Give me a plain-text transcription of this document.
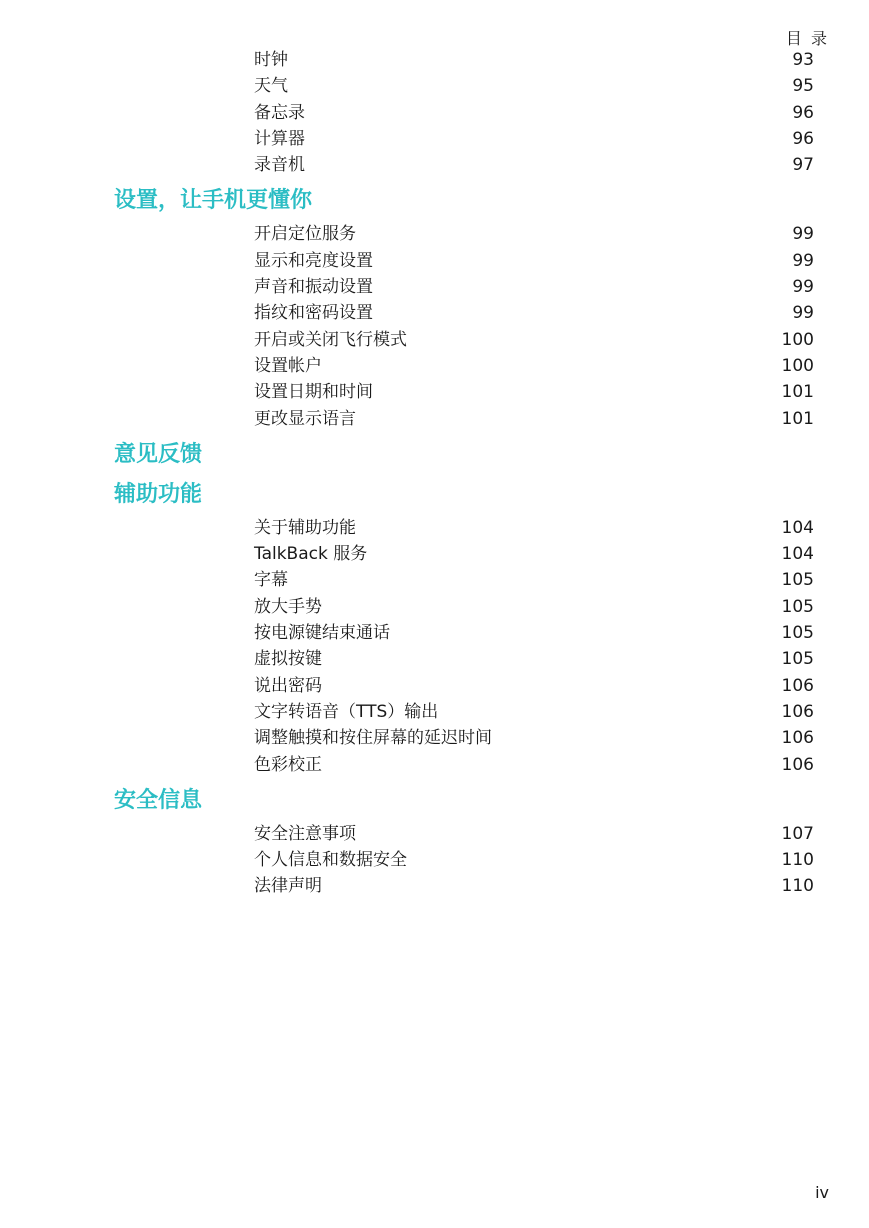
目 录
时钟	93
天气	95
备忘录	96
计算器	96
录音机	97
设置，让手机更懂你
开启定位服务	99
显示和亮度设置	99
声音和振动设置	99
指纹和密码设置	99
开启或关闭飞行模式	100
设置帐户	100
设置日期和时间	101
更改显示语言	101
意见反馈
辅助功能
关于辅助功能	104
TalkBack 服务	104
字幕	105
放大手势	105
按电源键结束通话	105
虚拟按键	105
说出密码	106
文字转语音（TTS）输出	106
调整触摸和按住屏幕的延迟时间	106
色彩校正	106
安全信息
安全注意事项	107
个人信息和数据安全	110
法律声明	110
iv
